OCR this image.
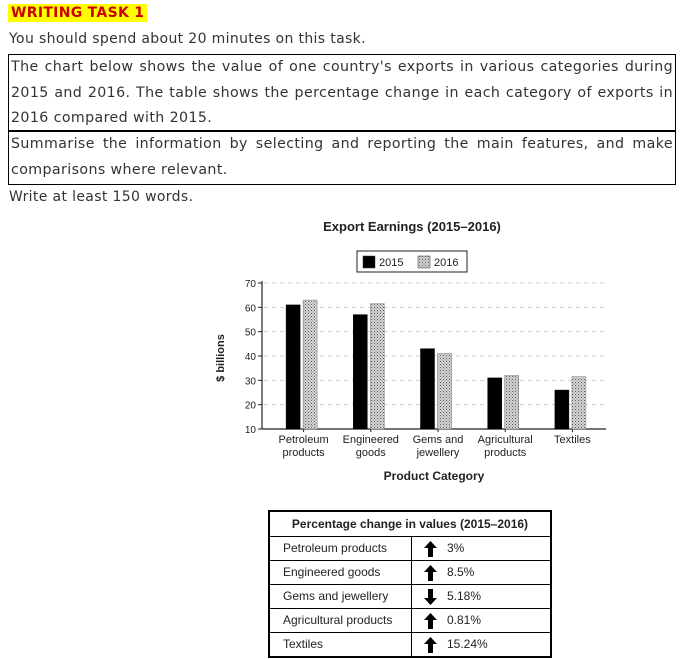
WRITING TASK 1
You should spend about 20 minutes on this task.

The chart below shows the value of one country's exports in various categories during 2015 and 2016. The table shows the percentage change in each category of exports in 2016 compared with 2015.

Summarise the information by selecting and reporting the main features, and make comparisons where relevant.

Write at least 150 words.
Export Earnings (2015–2016)
2015	2016
10
20
30
40
50
60
70
Petroleum products
Engineered goods
Gems and jewellery
Agricultural products
Textiles
Product Category
$ billions
Percentage change in values (2015–2016)
Petroleum products	3%
Engineered goods	8.5%
Gems and jewellery	5.18%
Agricultural products	0.81%
Textiles	15.24%
